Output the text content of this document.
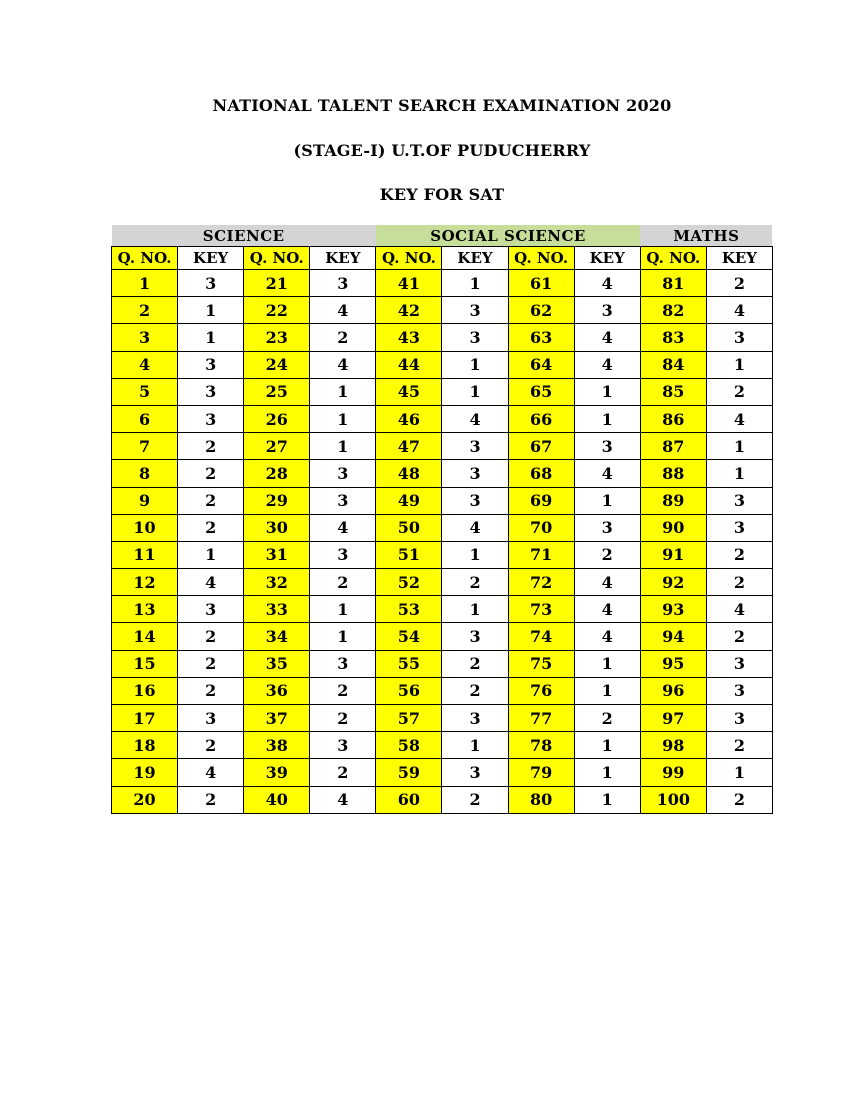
NATIONAL TALENT SEARCH EXAMINATION 2020
(STAGE-I) U.T.OF PUDUCHERRY
KEY FOR SAT
SCIENCE				SOCIAL SCIENCE				MATHS	
Q. NO.	KEY	Q. NO.	KEY	Q. NO.	KEY	Q. NO.	KEY	Q. NO.	KEY
1	3	21	3	41	1	61	4	81	2
2	1	22	4	42	3	62	3	82	4
3	1	23	2	43	3	63	4	83	3
4	3	24	4	44	1	64	4	84	1
5	3	25	1	45	1	65	1	85	2
6	3	26	1	46	4	66	1	86	4
7	2	27	1	47	3	67	3	87	1
8	2	28	3	48	3	68	4	88	1
9	2	29	3	49	3	69	1	89	3
10	2	30	4	50	4	70	3	90	3
11	1	31	3	51	1	71	2	91	2
12	4	32	2	52	2	72	4	92	2
13	3	33	1	53	1	73	4	93	4
14	2	34	1	54	3	74	4	94	2
15	2	35	3	55	2	75	1	95	3
16	2	36	2	56	2	76	1	96	3
17	3	37	2	57	3	77	2	97	3
18	2	38	3	58	1	78	1	98	2
19	4	39	2	59	3	79	1	99	1
20	2	40	4	60	2	80	1	100	2
